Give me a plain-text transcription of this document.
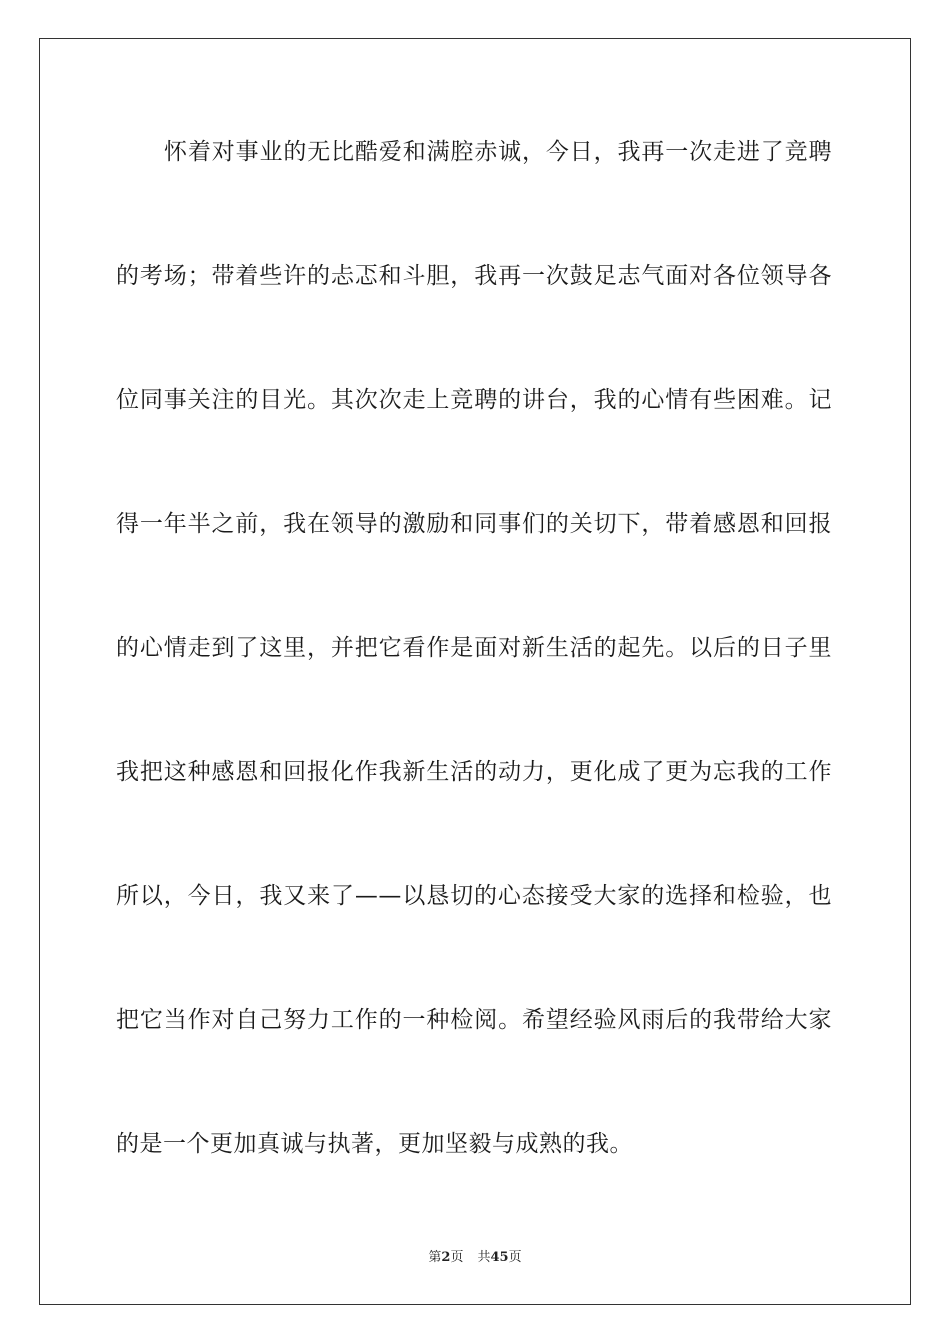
怀着对事业的无比酷爱和满腔赤诚，今日，我再一次走进了竞聘
的考场；带着些许的忐忑和斗胆，我再一次鼓足志气面对各位领导各
位同事关注的目光。其次次走上竞聘的讲台，我的心情有些困难。记
得一年半之前，我在领导的激励和同事们的关切下，带着感恩和回报
的心情走到了这里，并把它看作是面对新生活的起先。以后的日子里
我把这种感恩和回报化作我新生活的动力，更化成了更为忘我的工作
所以，今日，我又来了——以恳切的心态接受大家的选择和检验，也
把它当作对自己努力工作的一种检阅。希望经验风雨后的我带给大家
的是一个更加真诚与执著，更加坚毅与成熟的我。
第2页 共45页
